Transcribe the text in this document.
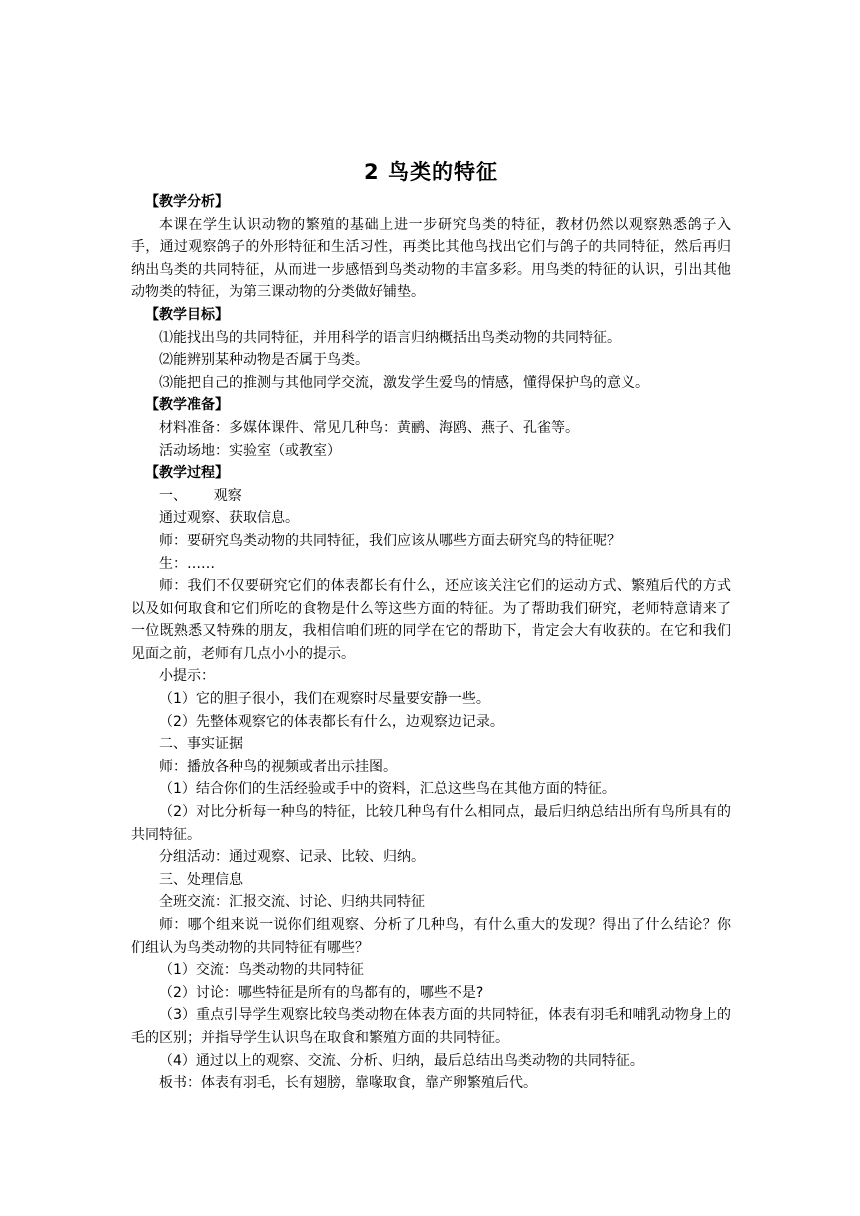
2 鸟类的特征
【教学分析】

本课在学生认识动物的繁殖的基础上进一步研究鸟类的特征，教材仍然以观察熟悉鸽子入手，通过观察鸽子的外形特征和生活习性，再类比其他鸟找出它们与鸽子的共同特征，然后再归纳出鸟类的共同特征，从而进一步感悟到鸟类动物的丰富多彩。用鸟类的特征的认识，引出其他动物类的特征，为第三课动物的分类做好铺垫。

【教学目标】

⑴能找出鸟的共同特征，并用科学的语言归纳概括出鸟类动物的共同特征。

⑵能辨别某种动物是否属于鸟类。

⑶能把自己的推测与其他同学交流，激发学生爱鸟的情感，懂得保护鸟的意义。

【教学准备】

材料准备：多媒体课件、常见几种鸟：黄鹂、海鸥、燕子、孔雀等。

活动场地：实验室（或教室）

【教学过程】

一、      观察

通过观察、获取信息。

师：要研究鸟类动物的共同特征，我们应该从哪些方面去研究鸟的特征呢？

生：……

师：我们不仅要研究它们的体表都长有什么，还应该关注它们的运动方式、繁殖后代的方式以及如何取食和它们所吃的食物是什么等这些方面的特征。为了帮助我们研究，老师特意请来了一位既熟悉又特殊的朋友，我相信咱们班的同学在它的帮助下，肯定会大有收获的。在它和我们见面之前，老师有几点小小的提示。

小提示：

（1）它的胆子很小，我们在观察时尽量要安静一些。

（2）先整体观察它的体表都长有什么，边观察边记录。

二、事实证据

师：播放各种鸟的视频或者出示挂图。

（1）结合你们的生活经验或手中的资料，汇总这些鸟在其他方面的特征。

（2）对比分析每一种鸟的特征，比较几种鸟有什么相同点，最后归纳总结出所有鸟所具有的共同特征。

分组活动：通过观察、记录、比较、归纳。

三、处理信息

全班交流：汇报交流、讨论、归纳共同特征

师：哪个组来说一说你们组观察、分析了几种鸟，有什么重大的发现？得出了什么结论？你们组认为鸟类动物的共同特征有哪些？

（1）交流：鸟类动物的共同特征

（2）讨论：哪些特征是所有的鸟都有的，哪些不是?

（3）重点引导学生观察比较鸟类动物在体表方面的共同特征，体表有羽毛和哺乳动物身上的毛的区别；并指导学生认识鸟在取食和繁殖方面的共同特征。

（4）通过以上的观察、交流、分析、归纳，最后总结出鸟类动物的共同特征。

板书：体表有羽毛，长有翅膀，靠喙取食，靠产卵繁殖后代。
